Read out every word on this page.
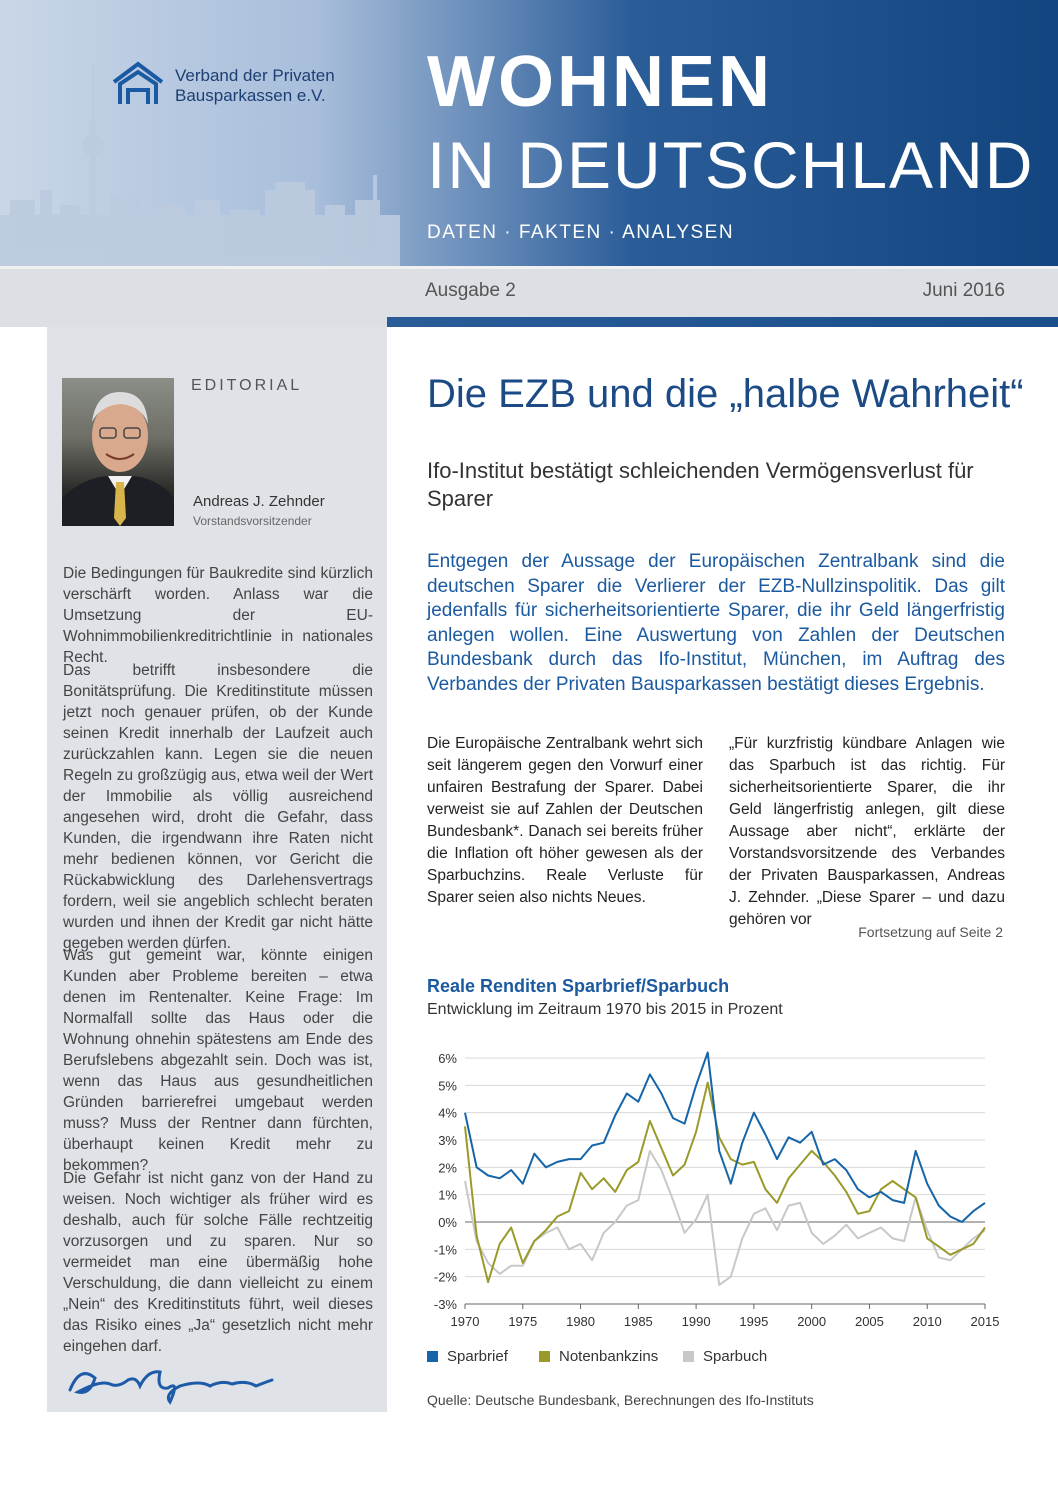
Verband der Privaten
Bausparkassen e.V. WOHNEN
IN DEUTSCHLAND
DATEN · FAKTEN · ANALYSEN
Ausgabe 2	Juni 2016
EDITORIAL
Andreas J. Zehnder
Vorstandsvorsitzender
Die Bedingungen für Baukredite sind kürzlich verschärft worden. Anlass war die Umsetzung der EU-Wohnimmobilienkreditrichtlinie in nationales Recht.
Das betrifft insbesondere die Bonitätsprüfung. Die Kreditinstitute müssen jetzt noch genauer prüfen, ob der Kunde seinen Kredit innerhalb der Laufzeit auch zurückzahlen kann. Legen sie die neuen Regeln zu großzügig aus, etwa weil der Wert der Immobilie als völlig ausreichend angesehen wird, droht die Gefahr, dass Kunden, die irgendwann ihre Raten nicht mehr bedienen können, vor Gericht die Rückabwicklung des Darlehensvertrags fordern, weil sie angeblich schlecht beraten wurden und ihnen der Kredit gar nicht hätte gegeben werden dürfen.
Was gut gemeint war, könnte einigen Kunden aber Probleme bereiten – etwa denen im Rentenalter. Keine Frage: Im Normalfall sollte das Haus oder die Wohnung ohnehin spätestens am Ende des Berufslebens abgezahlt sein. Doch was ist, wenn das Haus aus gesundheitlichen Gründen barrierefrei umgebaut werden muss? Muss der Rentner dann fürchten, überhaupt keinen Kredit mehr zu bekommen?
Die Gefahr ist nicht ganz von der Hand zu weisen. Noch wichtiger als früher wird es deshalb, auch für solche Fälle rechtzeitig vorzusorgen und zu sparen. Nur so vermeidet man eine übermäßig hohe Verschuldung, die dann vielleicht zu einem „Nein“ des Kreditinstituts führt, weil dieses das Risiko eines „Ja“ gesetzlich nicht mehr eingehen darf.
Die EZB und die „halbe Wahrheit“
Ifo-Institut bestätigt schleichenden Vermögensverlust für Sparer
Entgegen der Aussage der Europäischen Zentralbank sind die deutschen Sparer die Verlierer der EZB-Nullzinspolitik. Das gilt jedenfalls für sicherheitsorientierte Sparer, die ihr Geld längerfristig anlegen wollen. Eine Auswertung von Zahlen der Deutschen Bundesbank durch das Ifo-Institut, München, im Auftrag des Verbandes der Privaten Bausparkassen bestätigt dieses Ergebnis.
Die Europäische Zentralbank wehrt sich seit längerem gegen den Vorwurf einer unfairen Bestrafung der Sparer. Dabei verweist sie auf Zahlen der Deutschen Bundesbank*. Danach sei bereits früher die Inflation oft höher gewesen als der Sparbuchzins. Reale Verluste für Sparer seien also nichts Neues.
„Für kurzfristig kündbare Anlagen wie das Sparbuch ist das richtig. Für sicherheitsorientierte Sparer, die ihr Geld längerfristig anlegen, gilt diese Aussage aber nicht“, erklärte der Vorstandsvorsitzende des Verbandes der Privaten Bausparkassen, Andreas J. Zehnder. „Diese Sparer – und dazu gehören vor
Fortsetzung auf Seite 2
Reale Renditen Sparbrief/Sparbuch
Entwicklung im Zeitraum 1970 bis 2015 in Prozent
6%
5%
4%
3%
2%
1%
0%
-1%
-2%
-3%
1970 1975 1980 1985 1990 1995 2000 2005 2010 2015
Sparbrief	Notenbankzins	Sparbuch
Quelle: Deutsche Bundesbank, Berechnungen des Ifo-Instituts
